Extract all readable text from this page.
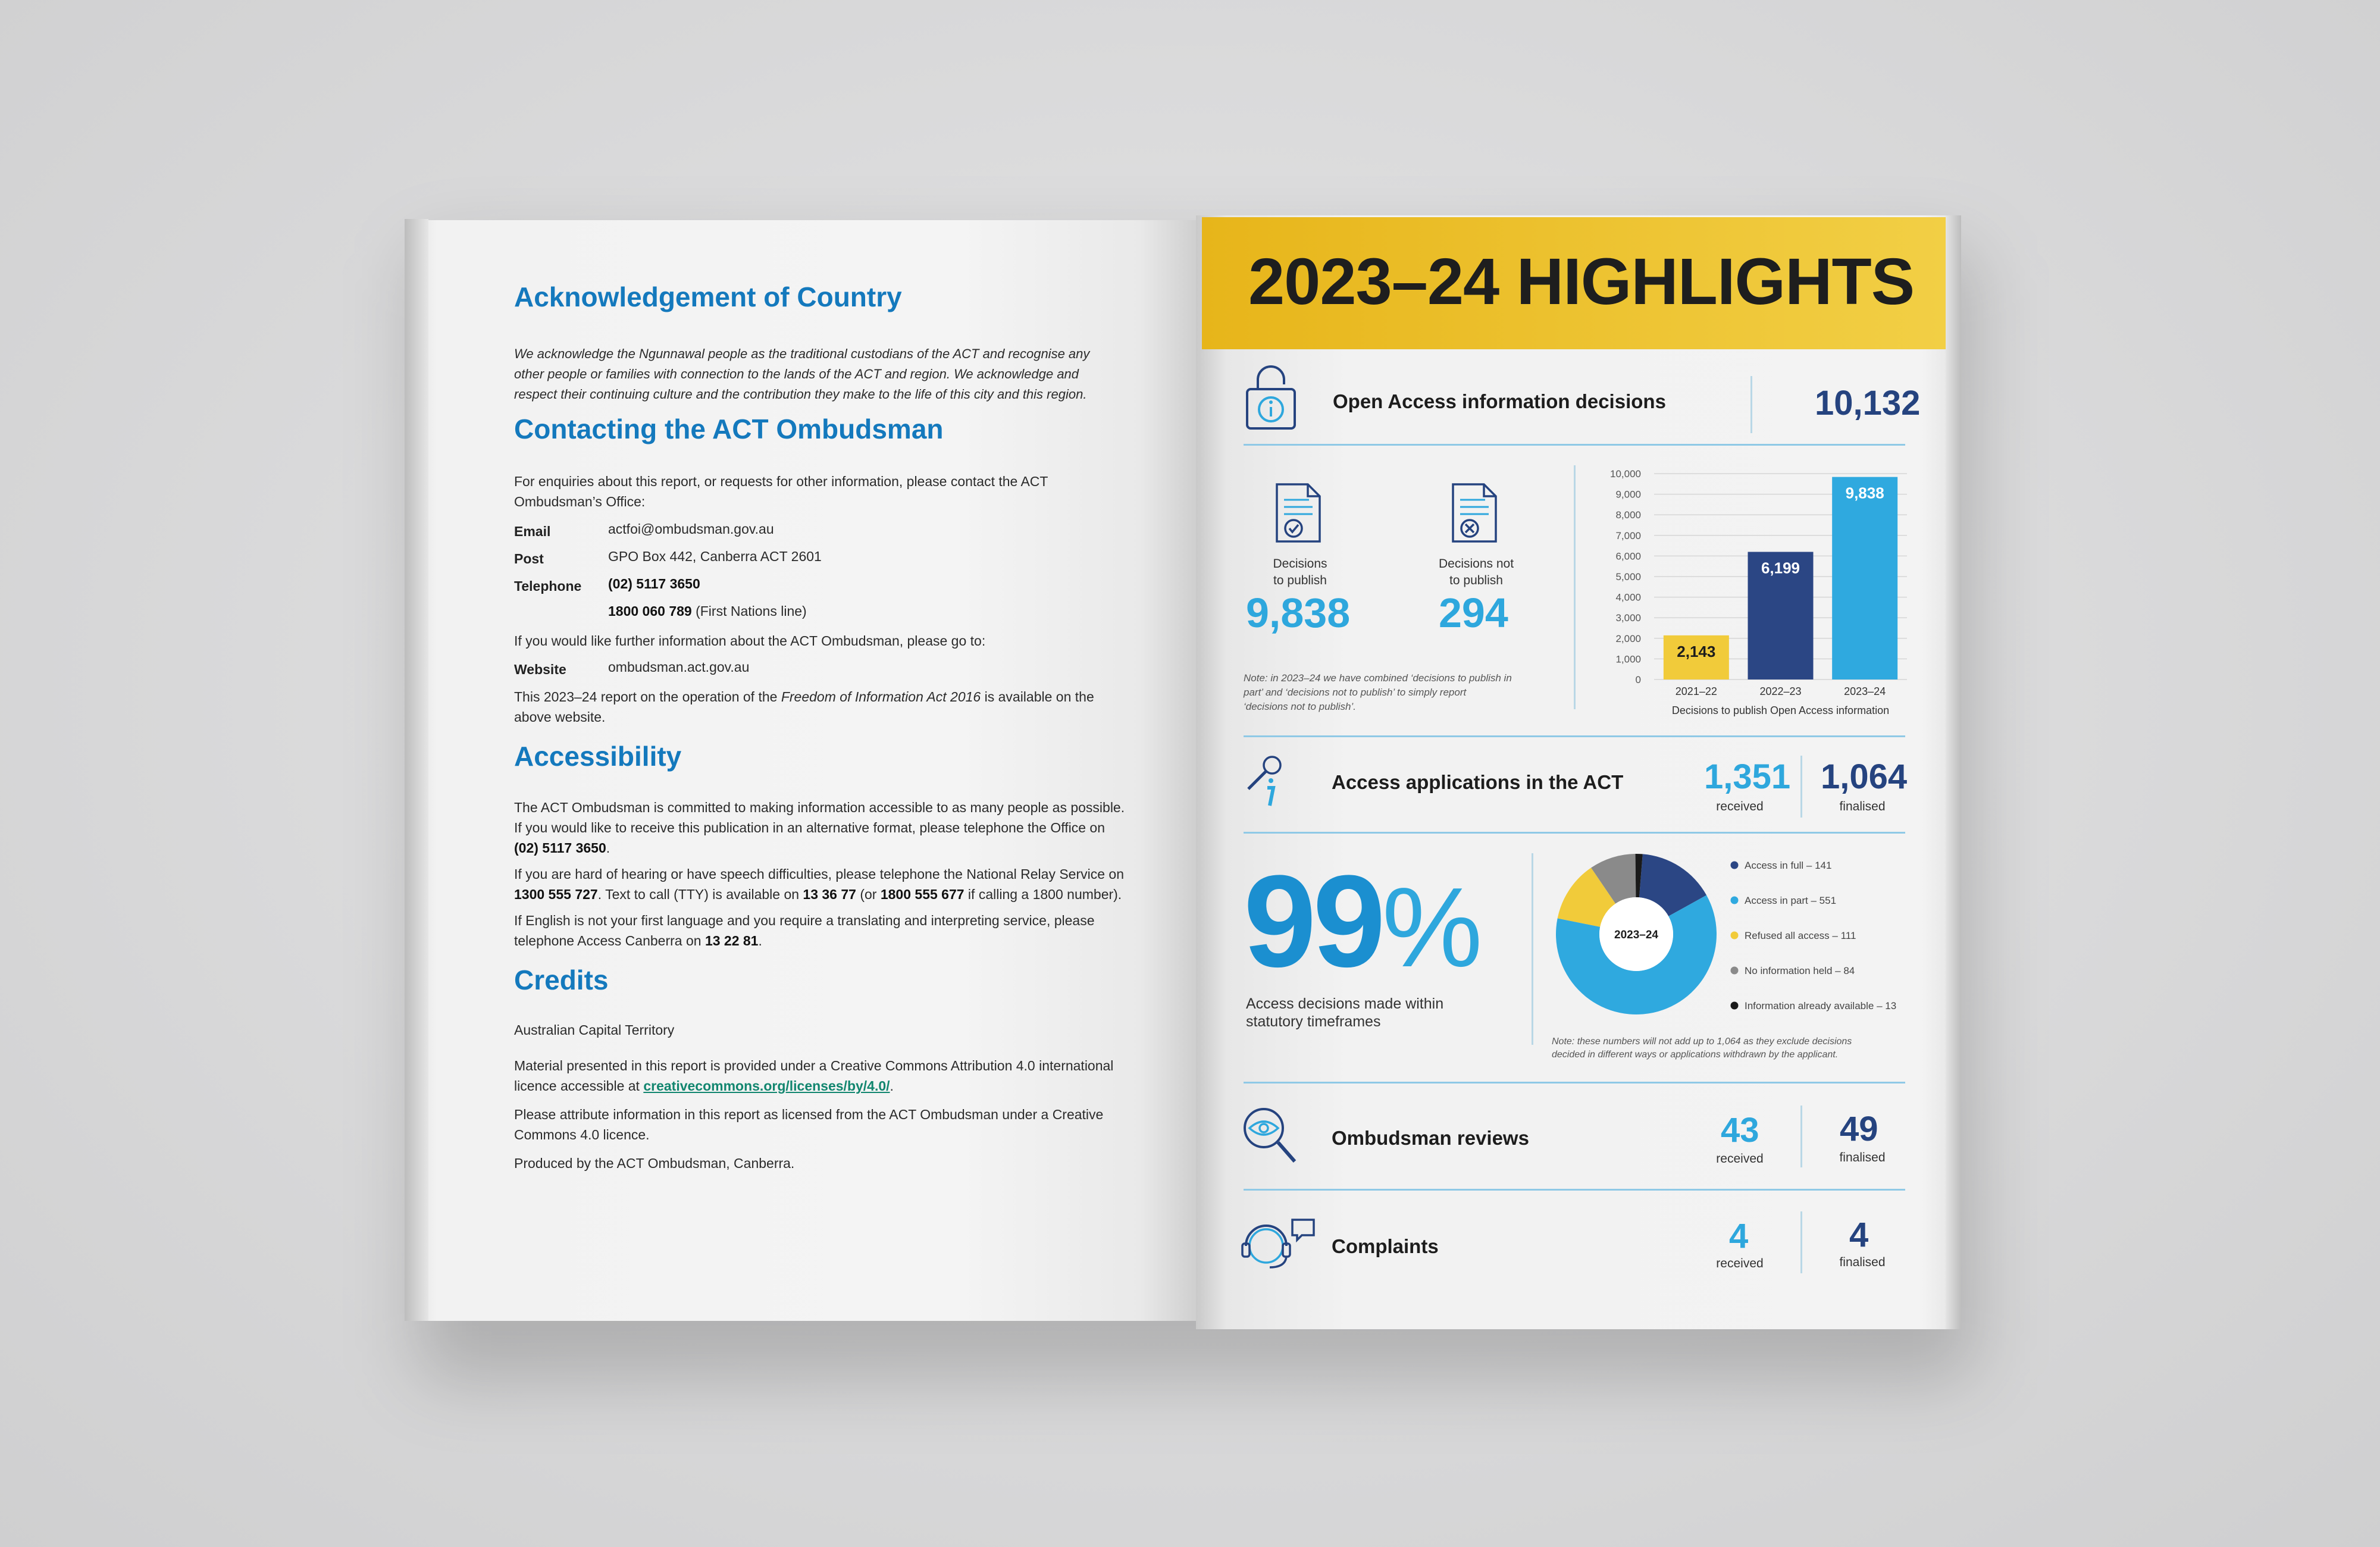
Acknowledgement of Country
We acknowledge the Ngunnawal people as the traditional custodians of the ACT and recognise any
other people or families with connection to the lands of the ACT and region. We acknowledge and
respect their continuing culture and the contribution they make to the life of this city and this region.
Contacting the ACT Ombudsman
For enquiries about this report, or requests for other information, please contact the ACT
Ombudsman’s Office:
Email	actfoi@ombudsman.gov.au
Post	GPO Box 442, Canberra ACT 2601
Telephone (02) 5117 3650
1800 060 789 (First Nations line)
If you would like further information about the ACT Ombudsman, please go to:
Website	ombudsman.act.gov.au
This 2023–24 report on the operation of the Freedom of Information Act 2016 is available on the
above website.
Accessibility
The ACT Ombudsman is committed to making information accessible to as many people as possible.
If you would like to receive this publication in an alternative format, please telephone the Office on
(02) 5117 3650.
If you are hard of hearing or have speech difficulties, please telephone the National Relay Service on
1300 555 727. Text to call (TTY) is available on 13 36 77 (or 1800 555 677 if calling a 1800 number).
If English is not your first language and you require a translating and interpreting service, please
telephone Access Canberra on 13 22 81.
Credits
Australian Capital Territory
Material presented in this report is provided under a Creative Commons Attribution 4.0 international
licence accessible at creativecommons.org/licenses/by/4.0/.
Please attribute information in this report as licensed from the ACT Ombudsman under a Creative
Commons 4.0 licence.
Produced by the ACT Ombudsman, Canberra.
2023–24 HIGHLIGHTS
Open Access information decisions	10,132
Decisions
to publish
9,838
Decisions not
to publish
294
Note: in 2023–24 we have combined ‘decisions to publish in
part’ and ‘decisions not to publish’ to simply report
‘decisions not to publish’.
0
1,000
2,000
3,000
4,000
5,000
6,000
7,000
8,000
9,000
10,000
2,143
2021–22
6,199
2022–23
9,838
2023–24
Decisions to publish Open Access information
Access applications in the ACT 1,351
received
1,064
finalised
99%
Access decisions made within
statutory timeframes
2023–24
Access in full – 141
Access in part – 551
Refused all access – 111
No information held – 84
Information already available – 13
Note: these numbers will not add up to 1,064 as they exclude decisions
decided in different ways or applications withdrawn by the applicant.
Ombudsman reviews	43
received
49
finalised
Complaints	4
received
4
finalised
